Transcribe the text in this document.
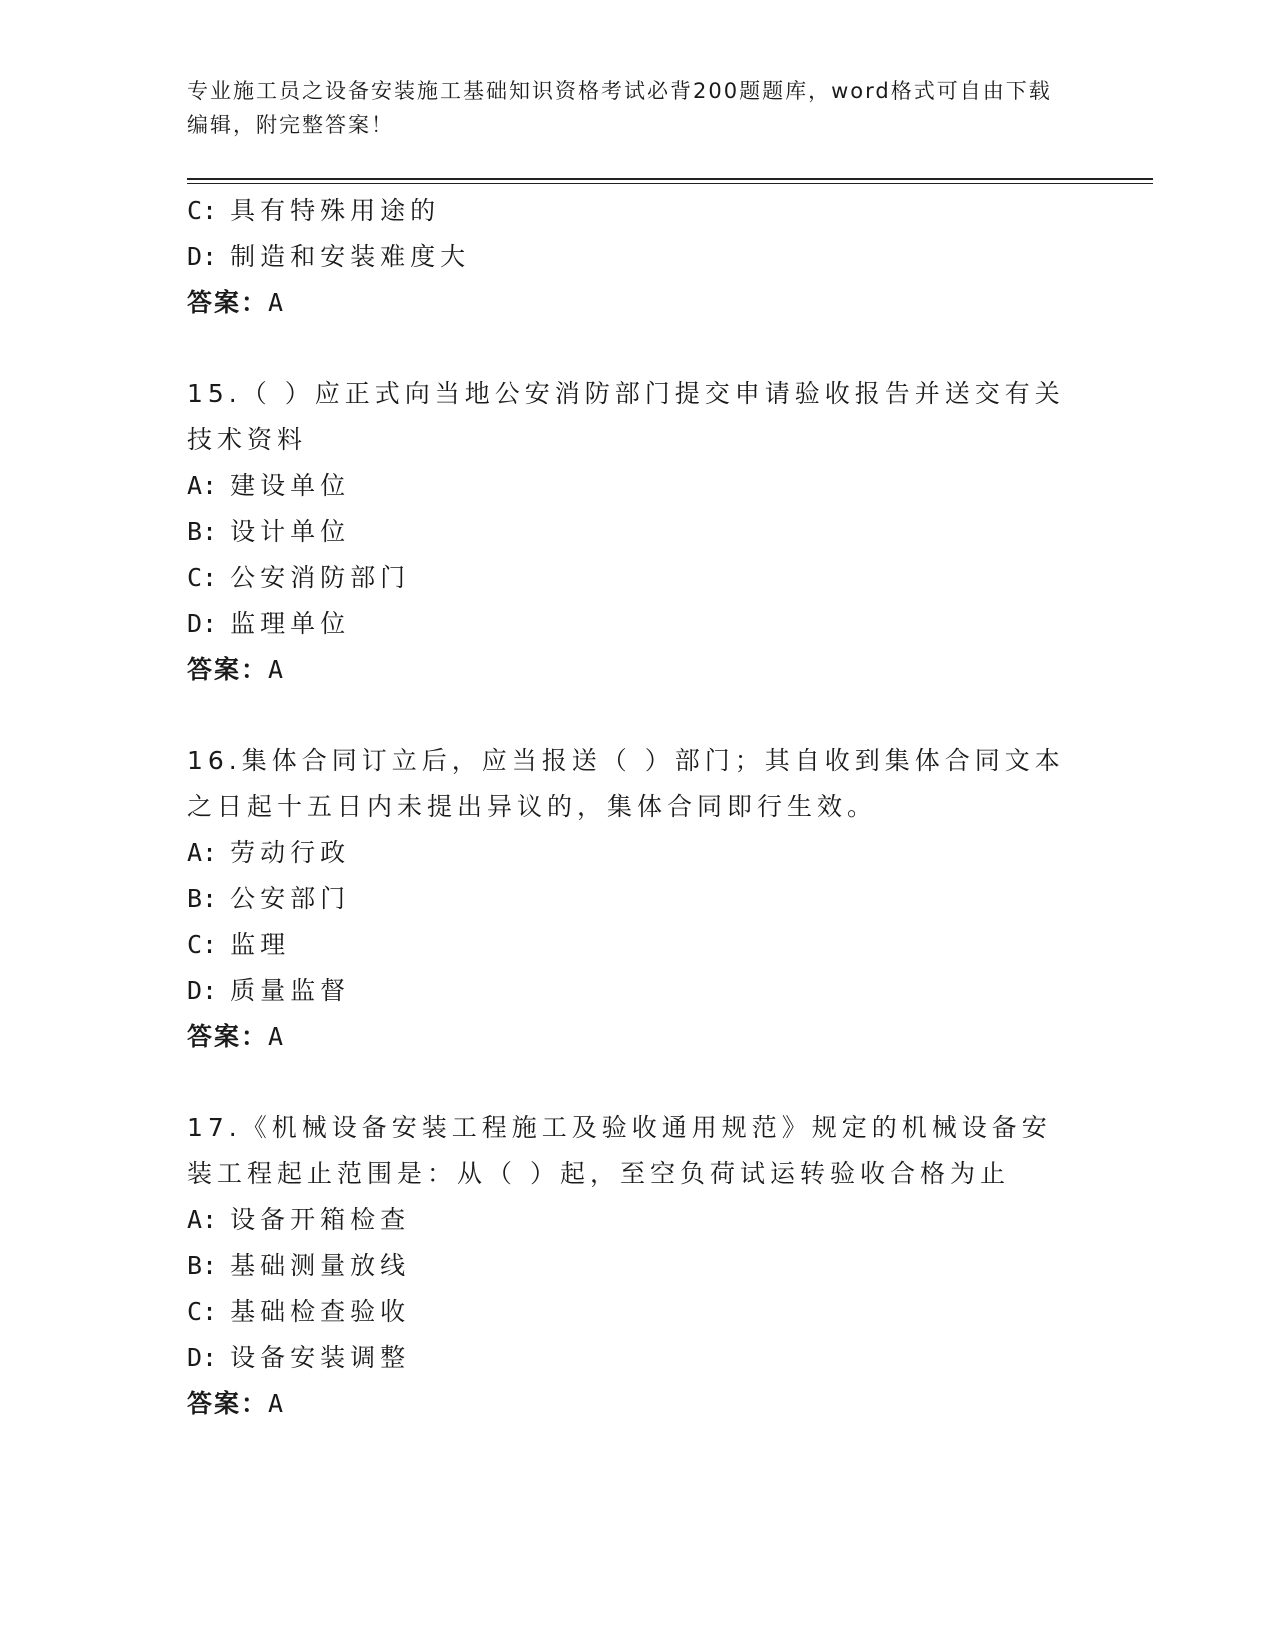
专业施工员之设备安装施工基础知识资格考试必背200题题库，word格式可自由下载编辑，附完整答案！
C: 具有特殊用途的
D: 制造和安装难度大
答案：A
15.（ ）应正式向当地公安消防部门提交申请验收报告并送交有关技术资料
A: 建设单位
B: 设计单位
C: 公安消防部门
D: 监理单位
答案：A
16.集体合同订立后，应当报送（ ）部门；其自收到集体合同文本之日起十五日内未提出异议的，集体合同即行生效。
A: 劳动行政
B: 公安部门
C: 监理
D: 质量监督
答案：A
17.《机械设备安装工程施工及验收通用规范》规定的机械设备安装工程起止范围是：从（ ）起，至空负荷试运转验收合格为止
A: 设备开箱检查
B: 基础测量放线
C: 基础检查验收
D: 设备安装调整
答案：A
